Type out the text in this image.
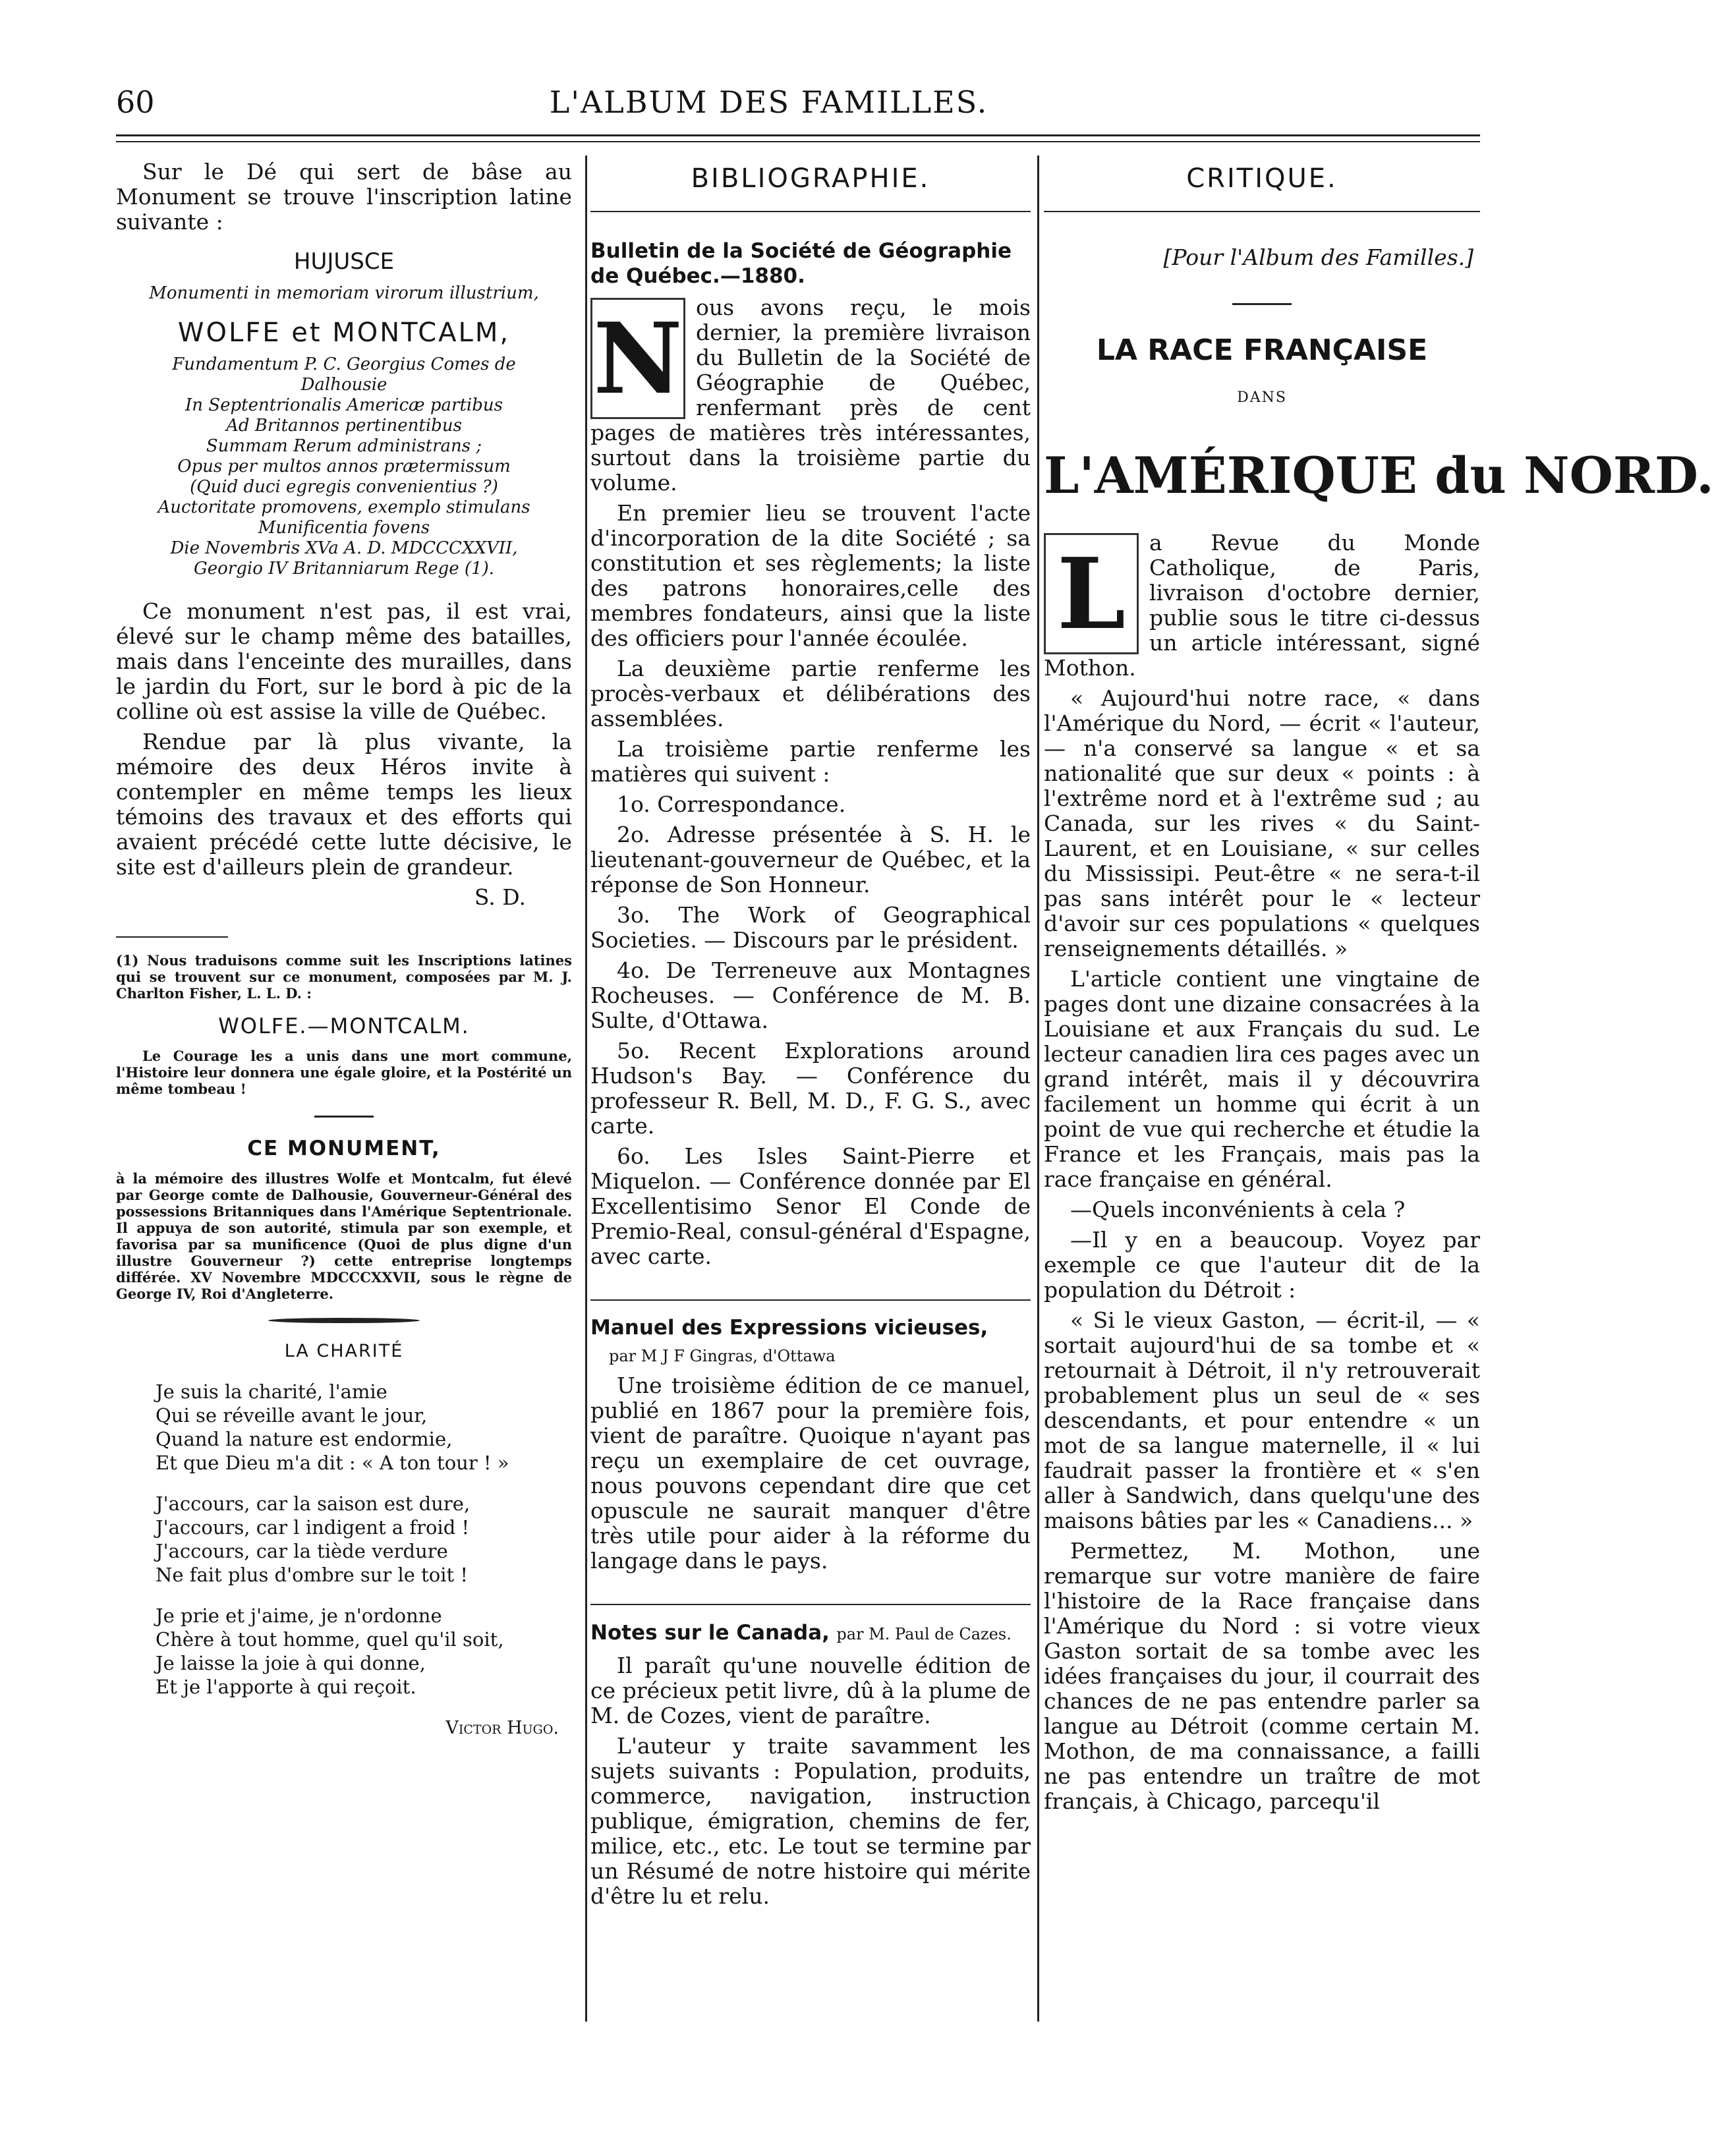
60	L'ALBUM DES FAMILLES.

Sur le Dé qui sert de bâse au Monument se trouve l'inscription latine suivante :

HUJUSCE
Monumenti in memoriam virorum illustrium,
WOLFE et MONTCALM,
Fundamentum P. C. Georgius Comes de
Dalhousie
In Septentrionalis Americæ partibus
Ad Britannos pertinentibus
Summam Rerum administrans ;
Opus per multos annos prætermissum
(Quid duci egregis convenientius ?)
Auctoritate promovens, exemplo stimulans
Munificentia fovens
Die Novembris XVa A. D. MDCCCXXVII,
Georgio IV Britanniarum Rege (1).

Ce monument n'est pas, il est vrai, élevé sur le champ même des batailles, mais dans l'enceinte des murailles, dans le jardin du Fort, sur le bord à pic de la colline où est assise la ville de Québec.

Rendue par là plus vivante, la mémoire des deux Héros invite à contempler en même temps les lieux témoins des travaux et des efforts qui avaient précédé cette lutte décisive, le site est d'ailleurs plein de grandeur.

S. D.

(1) Nous traduisons comme suit les Inscriptions latines qui se trouvent sur ce monument, composées par M. J. Charlton Fisher, L. L. D. :

WOLFE.—MONTCALM.

Le Courage les a unis dans une mort commune, l'Histoire leur donnera une égale gloire, et la Postérité un même tombeau !

CE MONUMENT,

à la mémoire des illustres Wolfe et Montcalm, fut élevé par George comte de Dalhousie, Gouverneur-Général des possessions Britanniques dans l'Amérique Septentrionale. Il appuya de son autorité, stimula par son exemple, et favorisa par sa munificence (Quoi de plus digne d'un illustre Gouverneur ?) cette entreprise longtemps différée. XV Novembre MDCCCXXVII, sous le règne de George IV, Roi d'Angleterre.

LA CHARITÉ
Je suis la charité, l'amie
Qui se réveille avant le jour,
Quand la nature est endormie,
Et que Dieu m'a dit : « A ton tour ! »
J'accours, car la saison est dure,
J'accours, car l indigent a froid !
J'accours, car la tiède verdure
Ne fait plus d'ombre sur le toit !
Je prie et j'aime, je n'ordonne
Chère à tout homme, quel qu'il soit,
Je laisse la joie à qui donne,
Et je l'apporte à qui reçoit.
Victor Hugo.
BIBLIOGRAPHIE.
Bulletin de la Société de Géographie de Québec.—1880.
N ous avons reçu, le mois dernier, la première livraison du Bulletin de la Société de Géographie de Québec, renfermant près de cent pages de matières très intéressantes, surtout dans la troisième partie du volume.

En premier lieu se trouvent l'acte d'incorporation de la dite Société ; sa constitution et ses règlements; la liste des patrons honoraires,celle des membres fondateurs, ainsi que la liste des officiers pour l'année écoulée.

La deuxième partie renferme les procès-verbaux et délibérations des assemblées.

La troisième partie renferme les matières qui suivent :

1o. Correspondance.

2o. Adresse présentée à S. H. le lieutenant-gouverneur de Québec, et la réponse de Son Honneur.

3o. The Work of Geographical Societies. — Discours par le président.

4o. De Terreneuve aux Montagnes Rocheuses. — Conférence de M. B. Sulte, d'Ottawa.

5o. Recent Explorations around Hudson's Bay. — Conférence du professeur R. Bell, M. D., F. G. S., avec carte.

6o. Les Isles Saint-Pierre et Miquelon. — Conférence donnée par El Excellentisimo Senor El Conde de Premio-Real, consul-général d'Espagne, avec carte.

Manuel des Expressions vicieuses,
par M J F Gingras, d'Ottawa

Une troisième édition de ce manuel, publié en 1867 pour la première fois, vient de paraître. Quoique n'ayant pas reçu un exemplaire de cet ouvrage, nous pouvons cependant dire que cet opuscule ne saurait manquer d'être très utile pour aider à la réforme du langage dans le pays.

Notes sur le Canada, par M. Paul de Cazes.

Il paraît qu'une nouvelle édition de ce précieux petit livre, dû à la plume de M. de Cozes, vient de paraître.

L'auteur y traite savamment les sujets suivants : Population, produits, commerce, navigation, instruction publique, émigration, chemins de fer, milice, etc., etc. Le tout se termine par un Résumé de notre histoire qui mérite d'être lu et relu.

CRITIQUE.
[Pour l'Album des Familles.]
LA RACE FRANÇAISE
DANS
L'AMÉRIQUE du NORD.
L	a Revue du Monde Catholique, de Paris, livraison d'octobre dernier, publie sous le titre ci-dessus un article intéressant, signé Mothon.

« Aujourd'hui notre race, « dans l'Amérique du Nord, — écrit « l'auteur, — n'a conservé sa langue « et sa nationalité que sur deux « points : à l'extrême nord et à l'extrême sud ; au Canada, sur les rives « du Saint-Laurent, et en Louisiane, « sur celles du Mississipi. Peut-être « ne sera-t-il pas sans intérêt pour le « lecteur d'avoir sur ces populations « quelques renseignements détaillés. »

L'article contient une vingtaine de pages dont une dizaine consacrées à la Louisiane et aux Français du sud. Le lecteur canadien lira ces pages avec un grand intérêt, mais il y découvrira facilement un homme qui écrit à un point de vue qui recherche et étudie la France et les Français, mais pas la race française en général.

—Quels inconvénients à cela ?

—Il y en a beaucoup. Voyez par exemple ce que l'auteur dit de la population du Détroit :

« Si le vieux Gaston, — écrit-il, — « sortait aujourd'hui de sa tombe et « retournait à Détroit, il n'y retrouverait probablement plus un seul de « ses descendants, et pour entendre « un mot de sa langue maternelle, il « lui faudrait passer la frontière et « s'en aller à Sandwich, dans quelqu'une des maisons bâties par les « Canadiens... »

Permettez, M. Mothon, une remarque sur votre manière de faire l'histoire de la Race française dans l'Amérique du Nord : si votre vieux Gaston sortait de sa tombe avec les idées françaises du jour, il courrait des chances de ne pas entendre parler sa langue au Détroit (comme certain M. Mothon, de ma connaissance, a failli ne pas entendre un traître de mot français, à Chicago, parcequ'il
